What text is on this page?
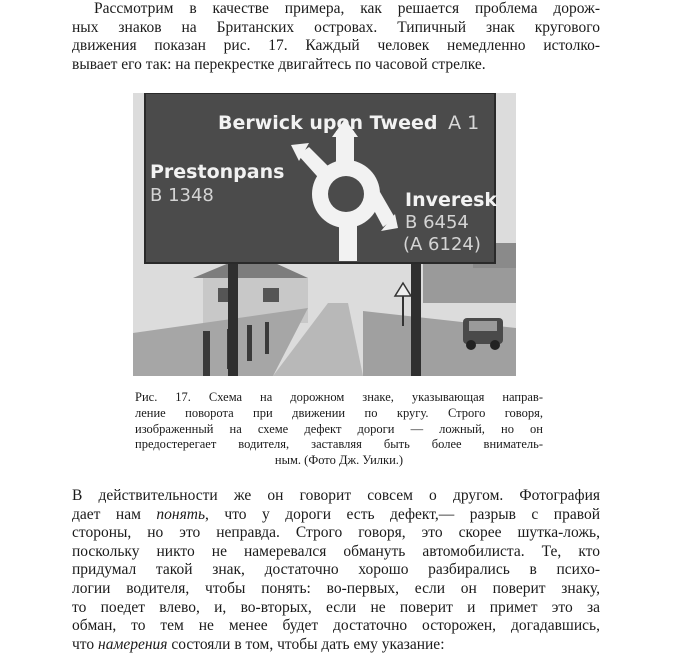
Рассмотрим в качестве примера, как решается проблема дорож-
ных знаков на Британских островах. Типичный знак кругового
движения показан рис. 17. Каждый человек немедленно истолко-
вывает его так: на перекрестке двигайтесь по часовой стрелке.
Berwick upon Tweed A 1
Prestonpans
B 1348	Inveresk
B 6454
(A 6124)
Рис. 17. Схема на дорожном знаке, указывающая направ-
ление поворота при движении по кругу. Строго говоря,
изображенный на схеме дефект дороги — ложный, но он
предостерегает водителя, заставляя быть более вниматель-
ным. (Фото Дж. Уилки.)
В действительности же он говорит совсем о другом. Фотография
дает нам понять, что у дороги есть дефект,— разрыв с правой
стороны, но это неправда. Строго говоря, это скорее шутка-ложь,
поскольку никто не намеревался обмануть автомобилиста. Те, кто
придумал такой знак, достаточно хорошо разбирались в психо-
логии водителя, чтобы понять: во-первых, если он поверит знаку,
то поедет влево, и, во-вторых, если не поверит и примет это за
обман, то тем не менее будет достаточно осторожен, догадавшись,
что намерения состояли в том, чтобы дать ему указание:
